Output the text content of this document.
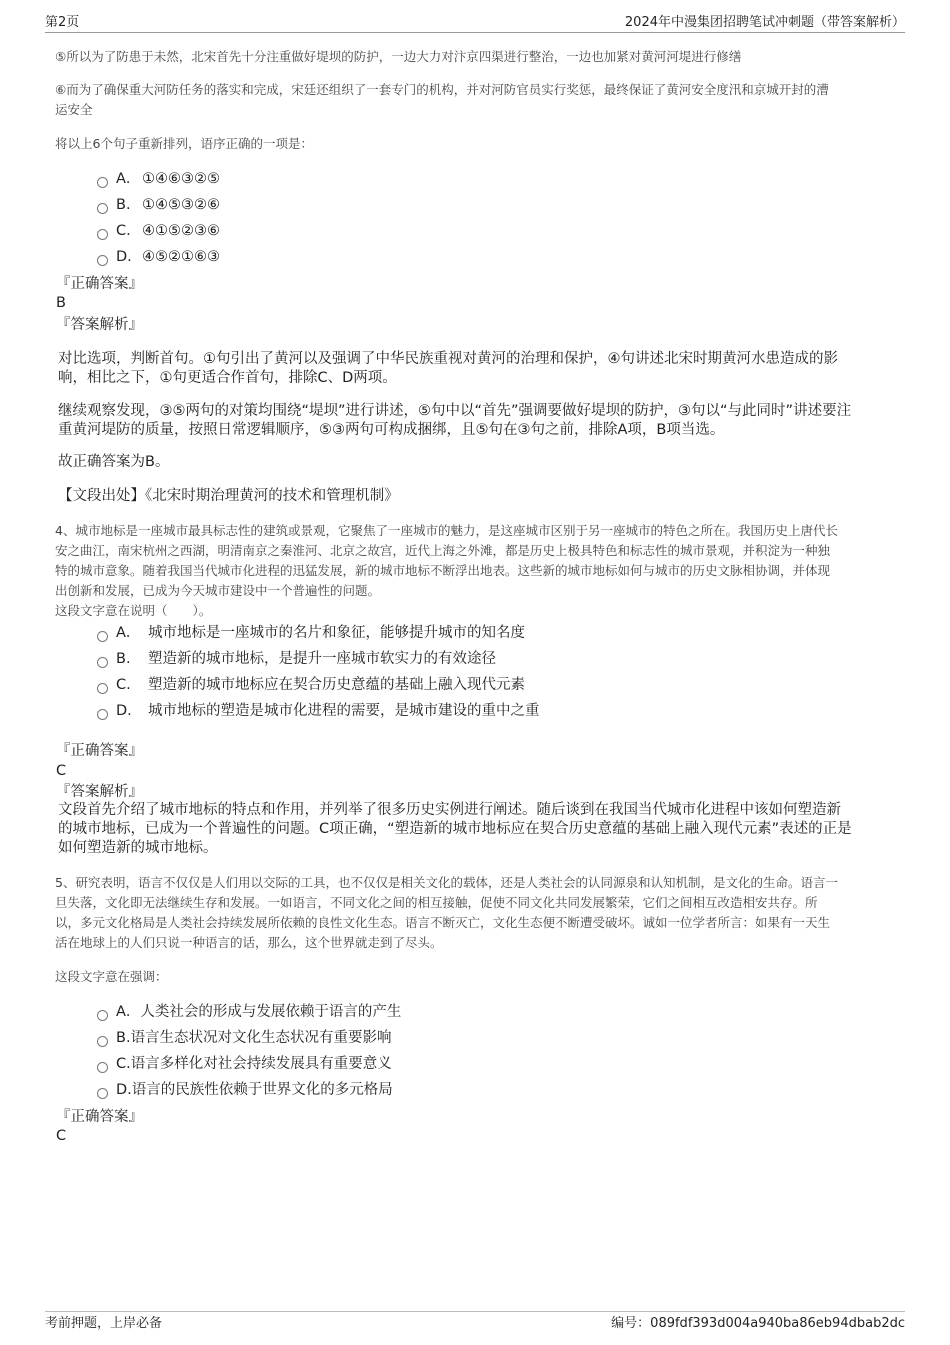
第2页	2024年中漫集团招聘笔试冲刺题（带答案解析）
⑤所以为了防患于未然，北宋首先十分注重做好堤坝的防护，一边大力对汴京四渠进行整治，一边也加紧对黄河河堤进行修缮
⑥而为了确保重大河防任务的落实和完成，宋廷还组织了一套专门的机构，并对河防官员实行奖惩，最终保证了黄河安全度汛和京城开封的漕
运安全
将以上6个句子重新排列，语序正确的一项是：
A． ①④⑥③②⑤
B. ①④⑤③②⑥
C. ④①⑤②③⑥
D. ④⑤②①⑥③
『正确答案』
B
『答案解析』
对比选项，判断首句。①句引出了黄河以及强调了中华民族重视对黄河的治理和保护，④句讲述北宋时期黄河水患造成的影
响，相比之下，①句更适合作首句，排除C、D两项。
继续观察发现，③⑤两句的对策均围绕“堤坝”进行讲述，⑤句中以“首先”强调要做好堤坝的防护，③句以“与此同时”讲述要注
重黄河堤防的质量，按照日常逻辑顺序，⑤③两句可构成捆绑，且⑤句在③句之前，排除A项，B项当选。
故正确答案为B。
【文段出处】《北宋时期治理黄河的技术和管理机制》
4、城市地标是一座城市最具标志性的建筑或景观，它聚焦了一座城市的魅力，是这座城市区别于另一座城市的特色之所在。我国历史上唐代长
安之曲江，南宋杭州之西湖，明清南京之秦淮河、北京之故宫，近代上海之外滩，都是历史上极具特色和标志性的城市景观，并积淀为一种独
特的城市意象。随着我国当代城市化进程的迅猛发展，新的城市地标不断浮出地表。这些新的城市地标如何与城市的历史文脉相协调，并体现
出创新和发展，已成为今天城市建设中一个普遍性的问题。
这段文字意在说明（　　）。
A． 城市地标是一座城市的名片和象征，能够提升城市的知名度
B.	塑造新的城市地标，是提升一座城市软实力的有效途径
C.	塑造新的城市地标应在契合历史意蕴的基础上融入现代元素
D.	城市地标的塑造是城市化进程的需要，是城市建设的重中之重
『正确答案』
C
『答案解析』
文段首先介绍了城市地标的特点和作用，并列举了很多历史实例进行阐述。随后谈到在我国当代城市化进程中该如何塑造新
的城市地标，已成为一个普遍性的问题。C项正确，“塑造新的城市地标应在契合历史意蕴的基础上融入现代元素”表述的正是
如何塑造新的城市地标。
5、研究表明，语言不仅仅是人们用以交际的工具，也不仅仅是相关文化的载体，还是人类社会的认同源泉和认知机制，是文化的生命。语言一
旦失落，文化即无法继续生存和发展。一如语言，不同文化之间的相互接触，促使不同文化共同发展繁荣，它们之间相互改造相安共存。所
以，多元文化格局是人类社会持续发展所依赖的良性文化生态。语言不断灭亡，文化生态便不断遭受破坏。诚如一位学者所言：如果有一天生
活在地球上的人们只说一种语言的话，那么，这个世界就走到了尽头。
这段文字意在强调：
A． 人类社会的形成与发展依赖于语言的产生
B. 语言生态状况对文化生态状况有重要影响
C. 语言多样化对社会持续发展具有重要意义
D. 语言的民族性依赖于世界文化的多元格局
『正确答案』
C
考前押题，上岸必备	编号：089fdf393d004a940ba86eb94dbab2dc
